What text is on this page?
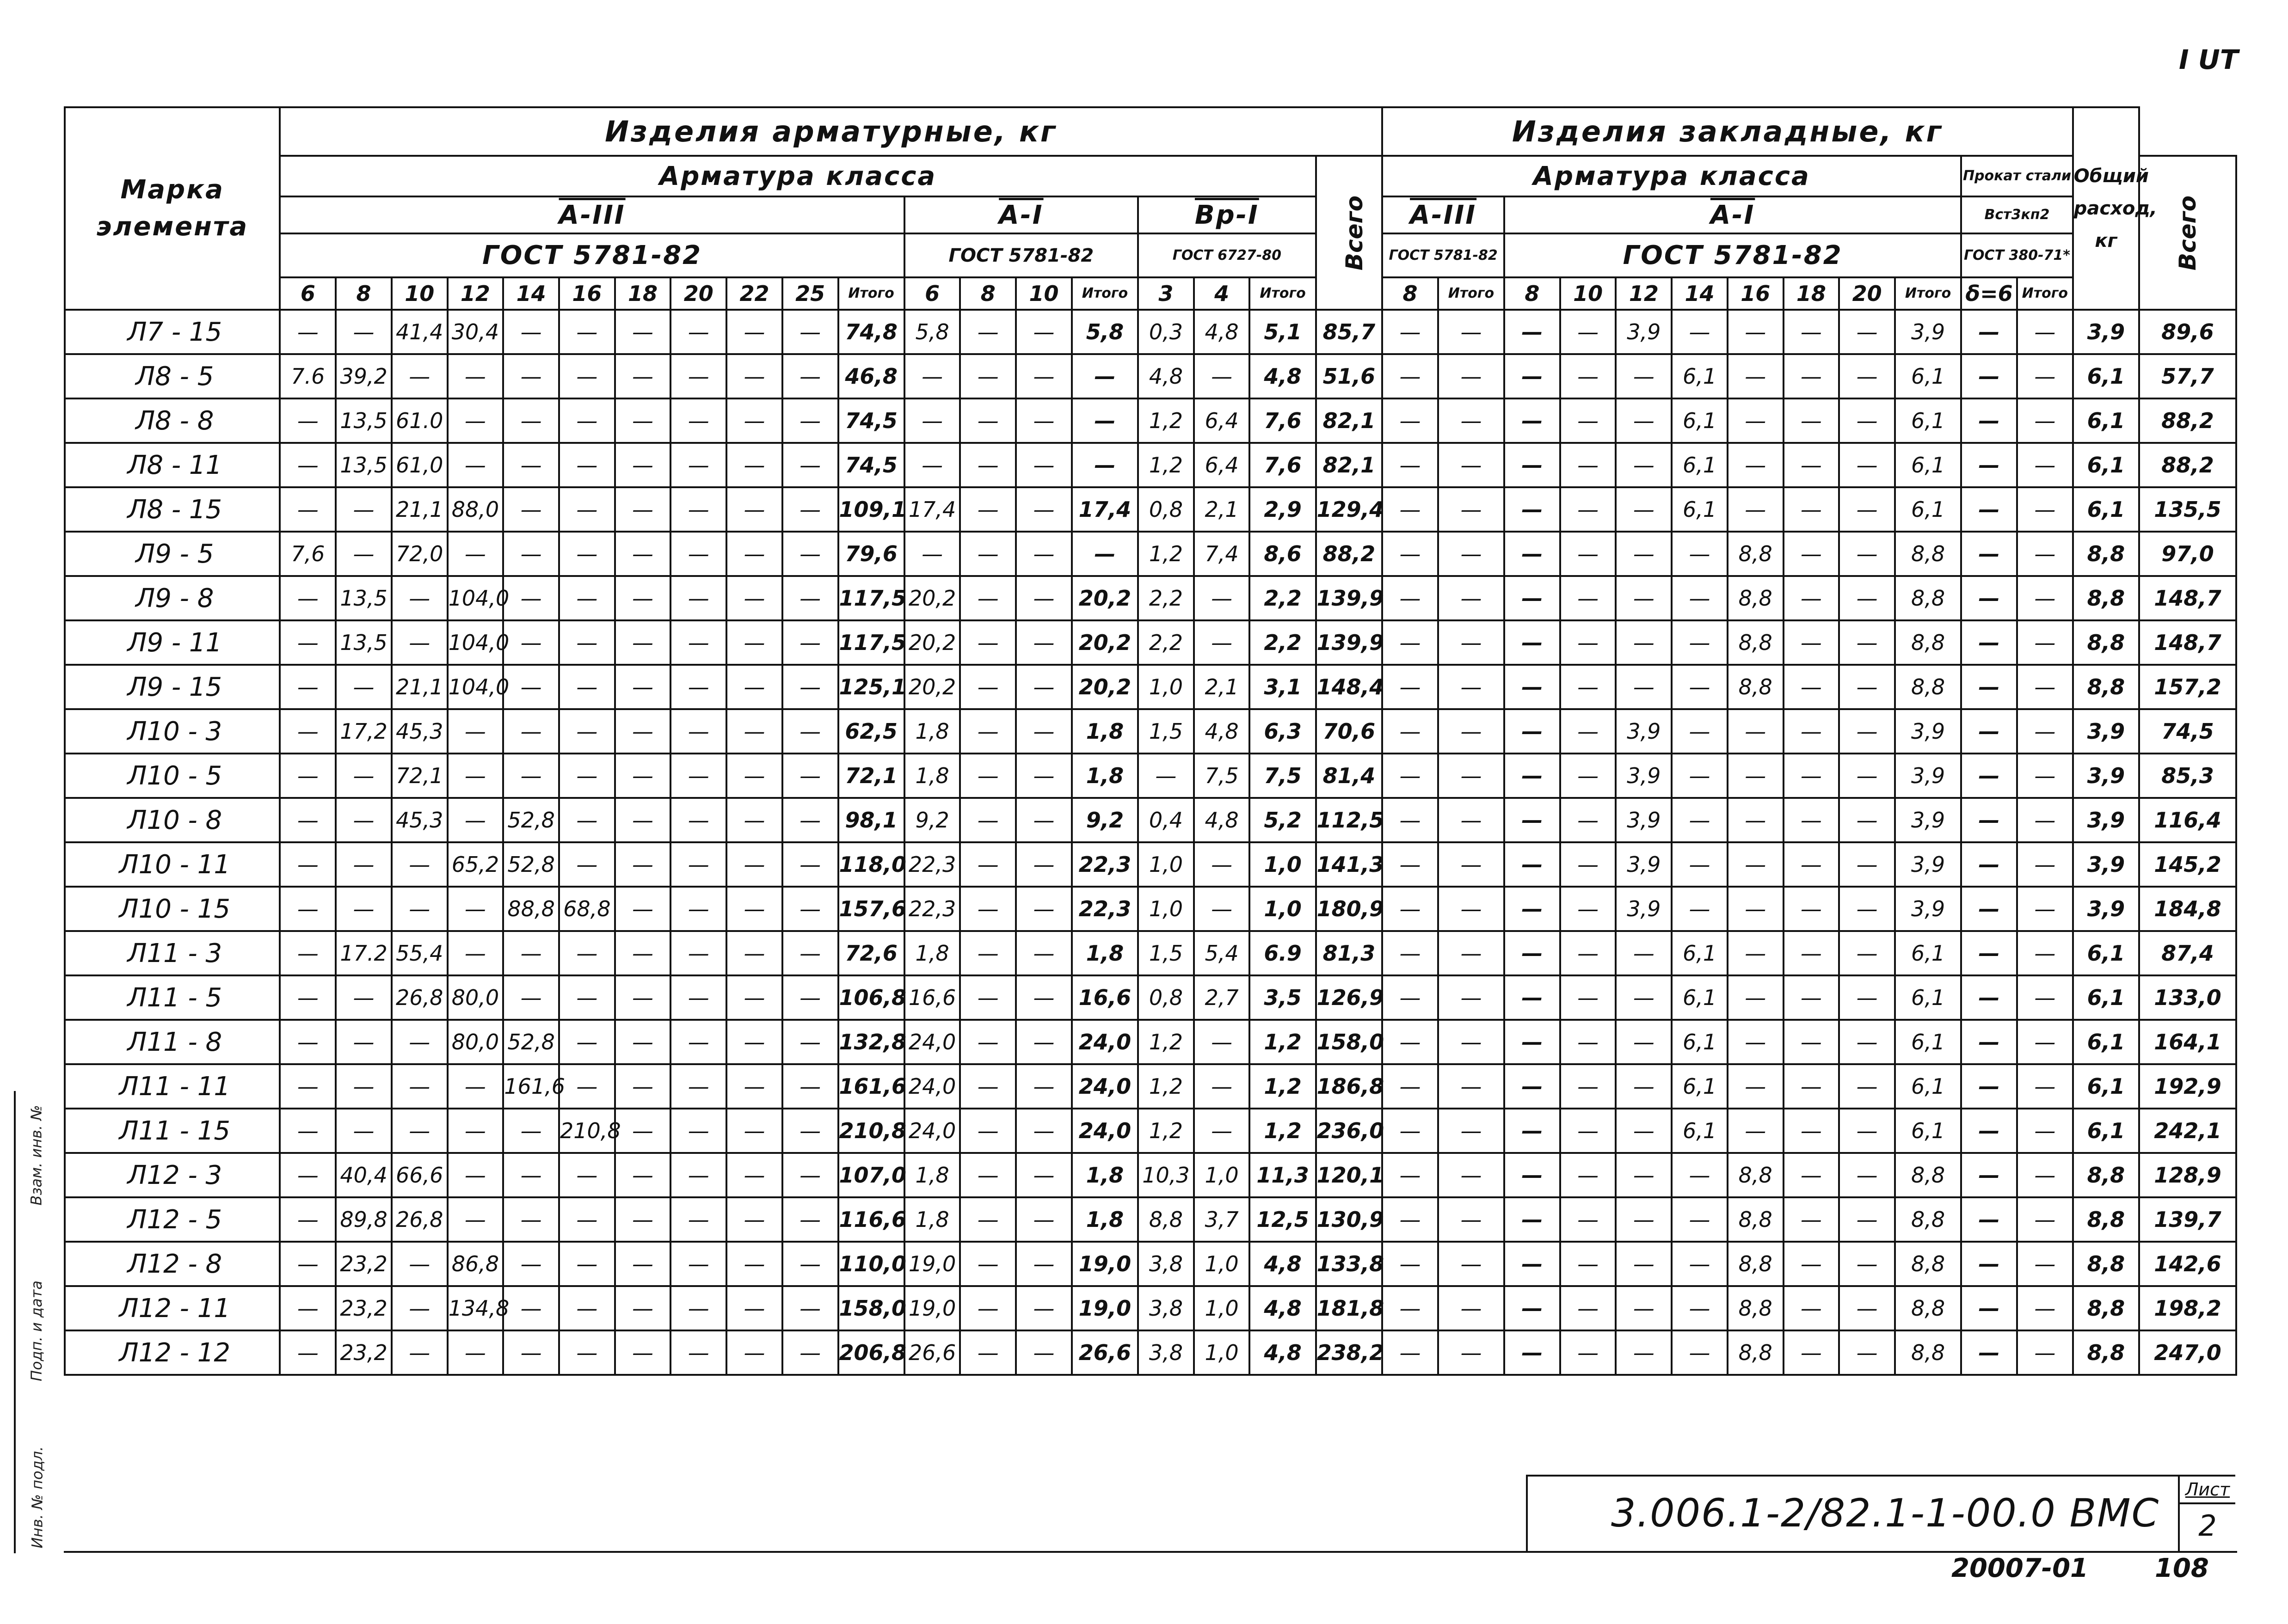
I UT
Марка элемента	Изделия арматурные, кг																			Изделия закладные, кг												Общий расход, кг	
	Арматура класса																		Всего	Арматура класса										Прокат стали			Всего
	А-III											А-I				Вр-I				А-III		А-I								Вст3кп2			
	ГОСТ 5781-82											ГОСТ 5781-82				ГОСТ 6727-80				ГОСТ 5781-82		ГОСТ 5781-82								ГОСТ 380-71*			
	6	8	10	12	14	16	18	20	22	25	Итого	6	8	10	Итого	3	4	Итого		8	Итого	8	10	12	14	16	18	20	Итого	δ=6	Итого		
Л7 - 15	—	—	41,4	30,4	—	—	—	—	—	—	74,8	5,8	—	—	5,8	0,3	4,8	5,1	85,7	—	—	—	—	3,9	—	—	—	—	3,9	—	—	3,9	89,6
Л8 - 5	7.6	39,2	—	—	—	—	—	—	—	—	46,8	—	—	—	—	4,8	—	4,8	51,6	—	—	—	—	—	6,1	—	—	—	6,1	—	—	6,1	57,7
Л8 - 8	—	13,5	61.0	—	—	—	—	—	—	—	74,5	—	—	—	—	1,2	6,4	7,6	82,1	—	—	—	—	—	6,1	—	—	—	6,1	—	—	6,1	88,2
Л8 - 11	—	13,5	61,0	—	—	—	—	—	—	—	74,5	—	—	—	—	1,2	6,4	7,6	82,1	—	—	—	—	—	6,1	—	—	—	6,1	—	—	6,1	88,2
Л8 - 15	—	—	21,1	88,0	—	—	—	—	—	—	109,1	17,4	—	—	17,4	0,8	2,1	2,9	129,4	—	—	—	—	—	6,1	—	—	—	6,1	—	—	6,1	135,5
Л9 - 5	7,6	—	72,0	—	—	—	—	—	—	—	79,6	—	—	—	—	1,2	7,4	8,6	88,2	—	—	—	—	—	—	8,8	—	—	8,8	—	—	8,8	97,0
Л9 - 8	—	13,5	—	104,0	—	—	—	—	—	—	117,5	20,2	—	—	20,2	2,2	—	2,2	139,9	—	—	—	—	—	—	8,8	—	—	8,8	—	—	8,8	148,7
Л9 - 11	—	13,5	—	104,0	—	—	—	—	—	—	117,5	20,2	—	—	20,2	2,2	—	2,2	139,9	—	—	—	—	—	—	8,8	—	—	8,8	—	—	8,8	148,7
Л9 - 15	—	—	21,1	104,0	—	—	—	—	—	—	125,1	20,2	—	—	20,2	1,0	2,1	3,1	148,4	—	—	—	—	—	—	8,8	—	—	8,8	—	—	8,8	157,2
Л10 - 3	—	17,2	45,3	—	—	—	—	—	—	—	62,5	1,8	—	—	1,8	1,5	4,8	6,3	70,6	—	—	—	—	3,9	—	—	—	—	3,9	—	—	3,9	74,5
Л10 - 5	—	—	72,1	—	—	—	—	—	—	—	72,1	1,8	—	—	1,8	—	7,5	7,5	81,4	—	—	—	—	3,9	—	—	—	—	3,9	—	—	3,9	85,3
Л10 - 8	—	—	45,3	—	52,8	—	—	—	—	—	98,1	9,2	—	—	9,2	0,4	4,8	5,2	112,5	—	—	—	—	3,9	—	—	—	—	3,9	—	—	3,9	116,4
Л10 - 11	—	—	—	65,2	52,8	—	—	—	—	—	118,0	22,3	—	—	22,3	1,0	—	1,0	141,3	—	—	—	—	3,9	—	—	—	—	3,9	—	—	3,9	145,2
Л10 - 15	—	—	—	—	88,8	68,8	—	—	—	—	157,6	22,3	—	—	22,3	1,0	—	1,0	180,9	—	—	—	—	3,9	—	—	—	—	3,9	—	—	3,9	184,8
Л11 - 3	—	17.2	55,4	—	—	—	—	—	—	—	72,6	1,8	—	—	1,8	1,5	5,4	6.9	81,3	—	—	—	—	—	6,1	—	—	—	6,1	—	—	6,1	87,4
Л11 - 5	—	—	26,8	80,0	—	—	—	—	—	—	106,8	16,6	—	—	16,6	0,8	2,7	3,5	126,9	—	—	—	—	—	6,1	—	—	—	6,1	—	—	6,1	133,0
Л11 - 8	—	—	—	80,0	52,8	—	—	—	—	—	132,8	24,0	—	—	24,0	1,2	—	1,2	158,0	—	—	—	—	—	6,1	—	—	—	6,1	—	—	6,1	164,1
Л11 - 11	—	—	—	—	161,6	—	—	—	—	—	161,6	24,0	—	—	24,0	1,2	—	1,2	186,8	—	—	—	—	—	6,1	—	—	—	6,1	—	—	6,1	192,9
Л11 - 15	—	—	—	—	—	210,8	—	—	—	—	210,8	24,0	—	—	24,0	1,2	—	1,2	236,0	—	—	—	—	—	6,1	—	—	—	6,1	—	—	6,1	242,1
Л12 - 3	—	40,4	66,6	—	—	—	—	—	—	—	107,0	1,8	—	—	1,8	10,3	1,0	11,3	120,1	—	—	—	—	—	—	8,8	—	—	8,8	—	—	8,8	128,9
Л12 - 5	—	89,8	26,8	—	—	—	—	—	—	—	116,6	1,8	—	—	1,8	8,8	3,7	12,5	130,9	—	—	—	—	—	—	8,8	—	—	8,8	—	—	8,8	139,7
Л12 - 8	—	23,2	—	86,8	—	—	—	—	—	—	110,0	19,0	—	—	19,0	3,8	1,0	4,8	133,8	—	—	—	—	—	—	8,8	—	—	8,8	—	—	8,8	142,6
Л12 - 11	—	23,2	—	134,8	—	—	—	—	—	—	158,0	19,0	—	—	19,0	3,8	1,0	4,8	181,8	—	—	—	—	—	—	8,8	—	—	8,8	—	—	8,8	198,2
Л12 - 12	—	23,2	—	—	—	—	—	—	—	—	206,8	26,6	—	—	26,6	3,8	1,0	4,8	238,2	—	—	—	—	—	—	8,8	—	—	8,8	—	—	8,8	247,0
Взам. инв. №
Подп. и дата
Инв. № подл.	3.006.1-2/82.1-1-00.0 ВМС
Лист
2
20007-01	108
